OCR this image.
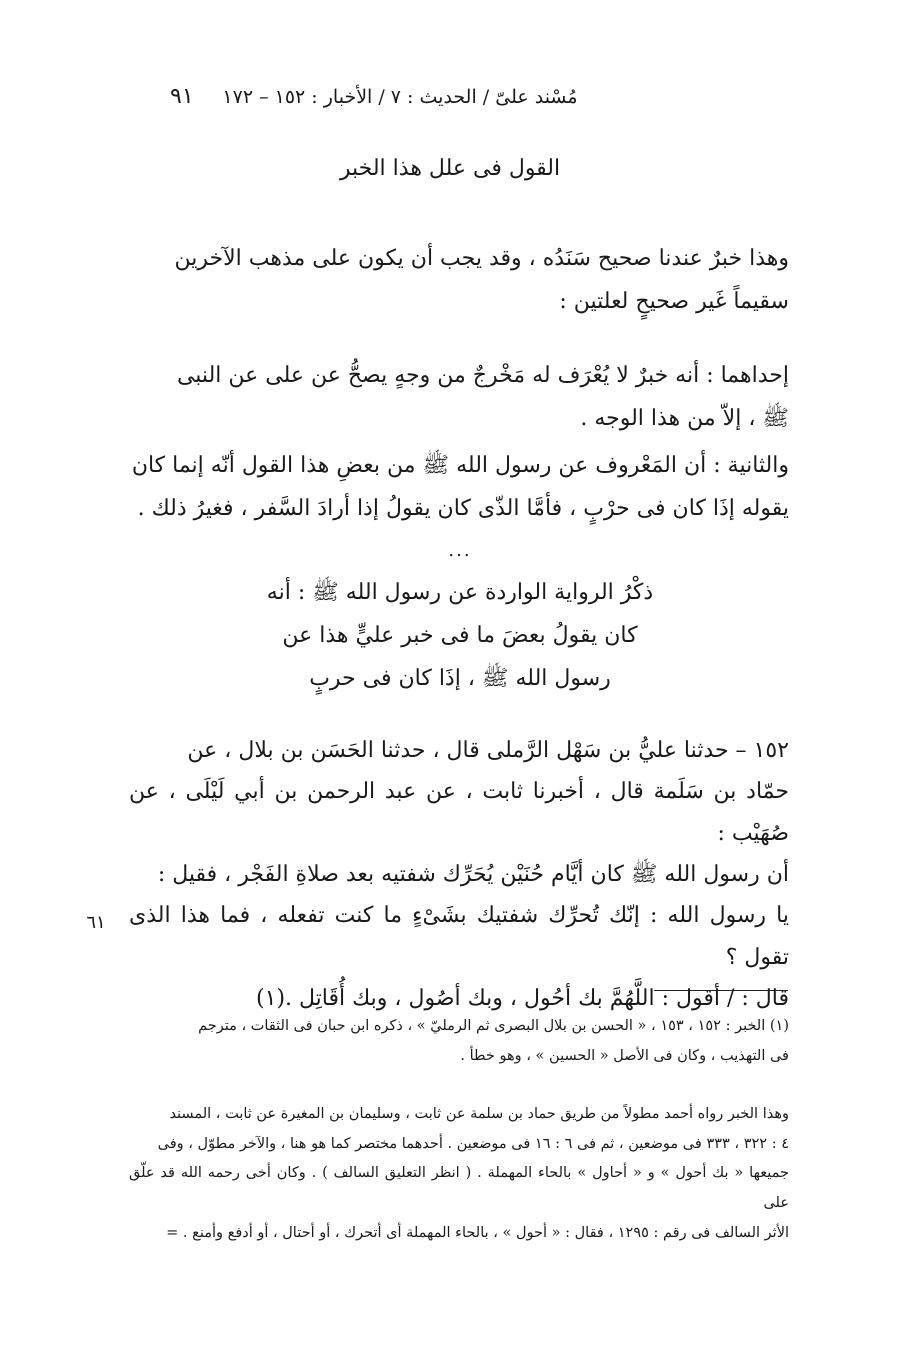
مُسْند علىّ / الحديث : ٧ / الأخبار : ١٥٢ – ١٧٢
٩١
القول فى علل هذا الخبر

وهذا خبرٌ عندنا صحيح سَنَدُه ، وقد يجب أن يكون على مذهب الآخرين

سقيماً غَير صحيحٍ لعلتين :

إحداهما : أنه خبرٌ لا يُعْرَف له مَخْرجٌ من وجهٍ يصحُّ عن على عن النبى

ﷺ ، إلاّ من هذا الوجه .

والثانية : أن المَعْروف عن رسول الله ﷺ من بعضِ هذا القول أنّه إنما كان

يقوله إذَا كان فى حرْبٍ ، فأمَّا الذّى كان يقولُ إذا أرادَ السَّفر ، فغيرُ ذلك .

...
ذكْرُ الرواية الواردة عن رسول الله ﷺ : أنه
كان يقولُ بعضَ ما فى خبر عليٍّ هذا عن
رسول الله ﷺ ، إذَا كان فى حربٍ

١٥٢ – حدثنا عليُّ بن سَهْل الرَّملى قال ، حدثنا الحَسَن بن بلال ، عن

حمّاد بن سَلَمة قال ، أخبرنا ثابت ، عن عبد الرحمن بن أبي لَيْلَى ، عن صُهَيْب :

أن رسول الله ﷺ كان أيَّام حُنَيْن يُحَرِّك شفتيه بعد صلاةِ الفَجْر ، فقيل :

يا رسول الله : إنّك تُحرِّك شفتيك بشَىْءٍ ما كنت تفعله ، فما هذا الذى تقول ؟

قال : / أقول : اللَّهُمَّ بك أحُول ، وبك أصُول ، وبك أُقَاتِل .(١)

٦١

(١) الخبر : ١٥٢ ، ١٥٣ ، « الحسن بن بلال البصرى ثم الرمليّ » ، ذكره ابن حبان فى الثقات ، مترجم

فى التهذيب ، وكان فى الأصل « الحسين » ، وهو خطأ .

وهذا الخبر رواه أحمد مطولاً من طريق حماد بن سلمة عن ثابت ، وسليمان بن المغيرة عن ثابت ، المسند

٤ : ٣٢٢ ، ٣٣٣ فى موضعين ، ثم فى ٦ : ١٦ فى موضعين . أحدهما مختصر كما هو هنا ، والآخر مطوّل ، وفى

جميعها « بك أحول » و « أحاول » بالحاء المهملة . ( انظر التعليق السالف ) . وكان أخى رحمه الله قد علّق على

الأثر السالف فى رقم : ١٢٩٥ ، فقال : « أحول » ، بالحاء المهملة أى أتحرك ، أو أحتال ، أو أدفع وأمنع . =
